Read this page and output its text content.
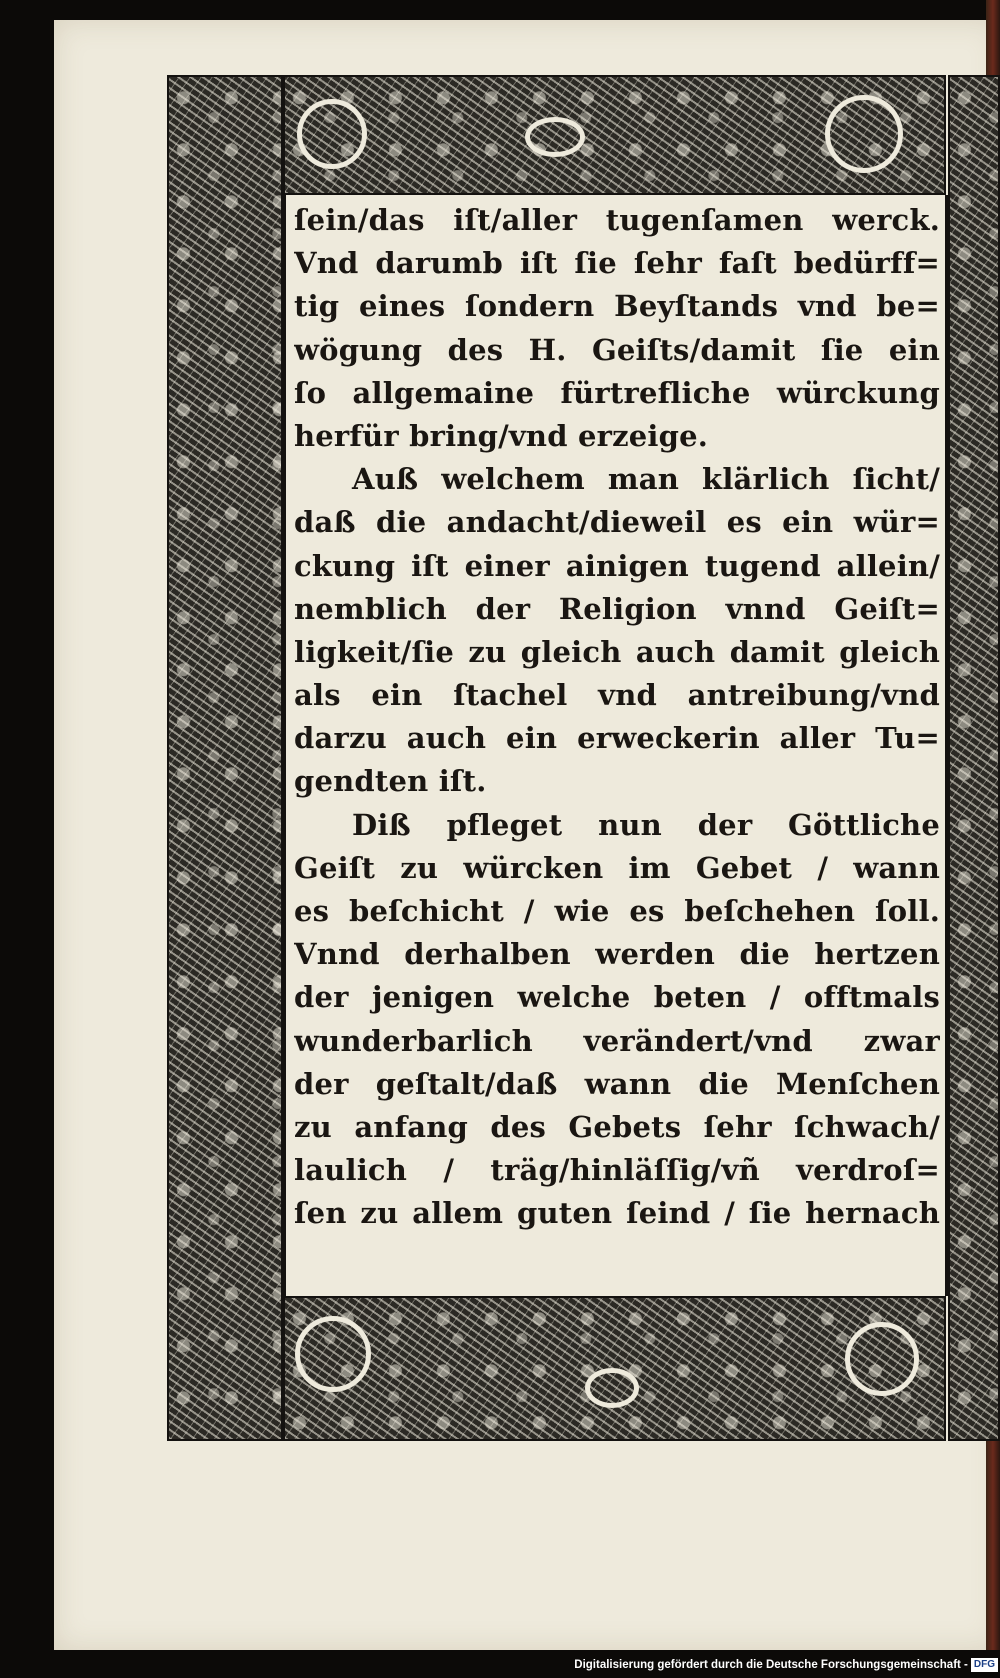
ſein/das iſt/aller tugenſamen werck.
Vnd darumb iſt ſie ſehr faſt bedürff=
tig eines ſondern Beyſtands vnd be=
wögung des H. Geiſts/damit ſie ein
ſo allgemaine fürtrefliche würckung
herfür bring/vnd erzeige.
Auß welchem man klärlich ſicht/
daß die andacht/dieweil es ein wür=
ckung iſt einer ainigen tugend allein/
nemblich der Religion vnnd Geiſt=
ligkeit/ſie zu gleich auch damit gleich
als ein ſtachel vnd antreibung/vnd
darzu auch ein erweckerin aller Tu=
gendten iſt.
Diß pfleget nun der Göttliche
Geiſt zu würcken im Gebet / wann
es beſchicht / wie es beſchehen ſoll.
Vnnd derhalben werden die hertzen
der jenigen welche beten / offtmals
wunderbarlich verändert/vnd zwar
der geſtalt/daß wann die Menſchen
zu anfang des Gebets ſehr ſchwach/
laulich / träg/hinläſſig/vñ verdroſ=
ſen zu allem guten ſeind / ſie hernach
Digitalisierung gefördert durch die Deutsche Forschungsgemeinschaft - DFG
